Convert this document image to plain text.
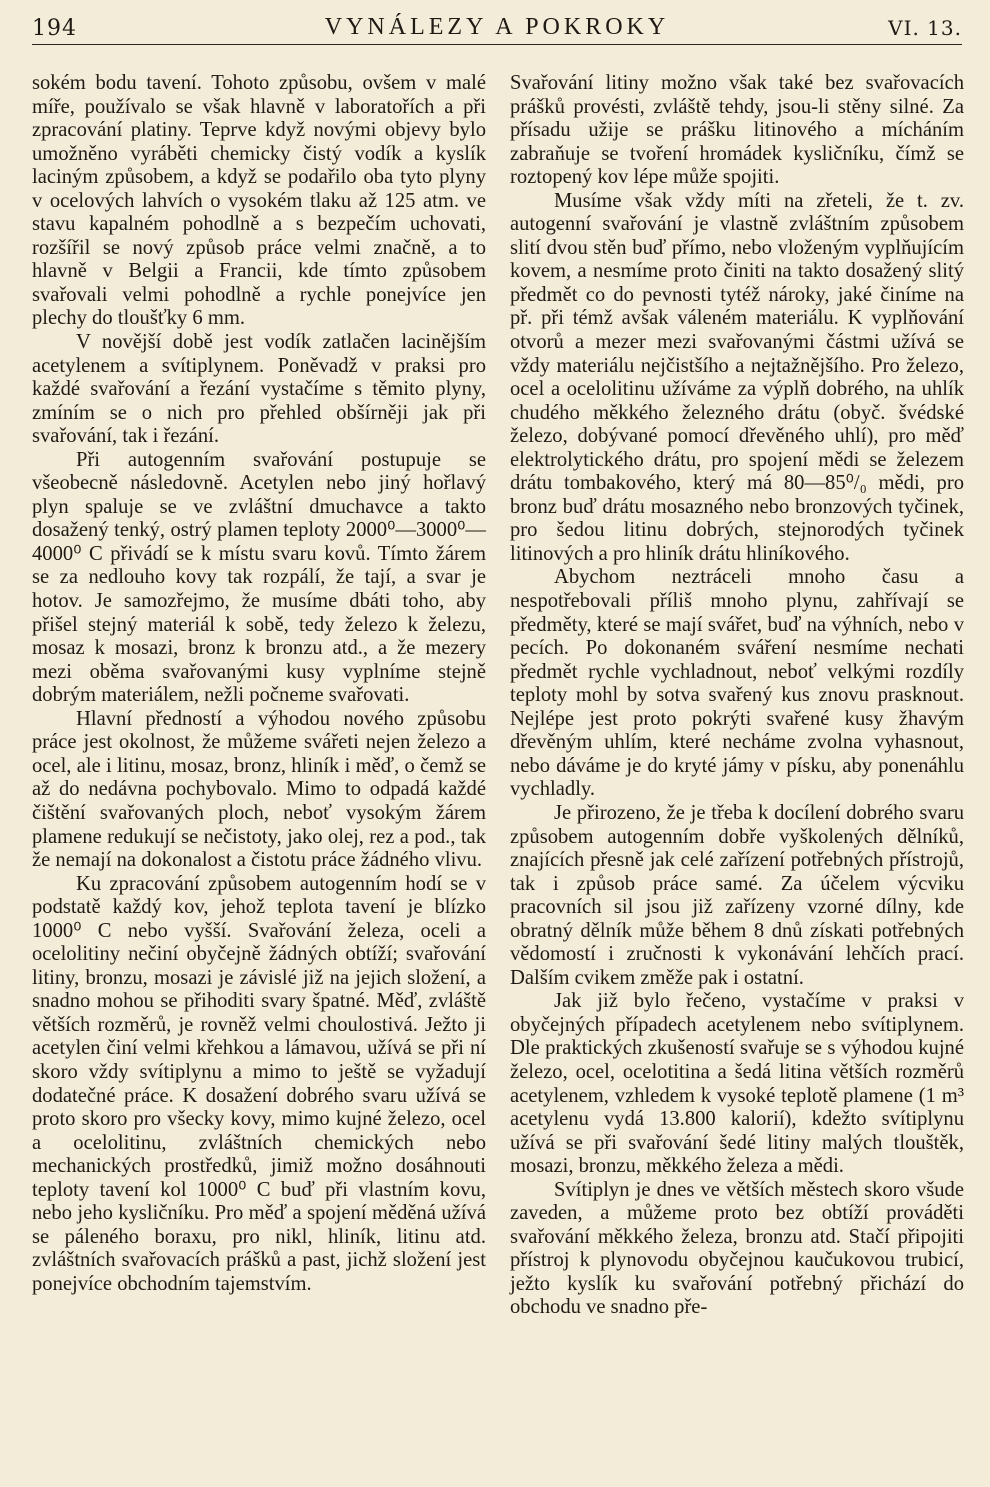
194	VYNÁLEZY A POKROKY	VI. 13.

sokém bodu tavení. Tohoto způsobu, ovšem v malé míře, používalo se však hlavně v laboratořích a při zpracování platiny. Teprve když novými objevy bylo umožněno vyráběti chemicky čistý vodík a kyslík laciným způsobem, a když se podařilo oba tyto plyny v ocelových lahvích o vysokém tlaku až 125 atm. ve stavu kapalném pohodlně a s bezpečím uchovati, rozšířil se nový způsob práce velmi značně, a to hlavně v Belgii a Francii, kde tímto způsobem svařovali velmi pohodlně a rychle ponejvíce jen plechy do tloušťky 6 mm.

V novější době jest vodík zatlačen lacinějším acetylenem a svítiplynem. Poněvadž v praksi pro každé svařování a řezání vystačíme s těmito plyny, zmíním se o nich pro přehled obšírněji jak při svařování, tak i řezání.

Při autogenním svařování postupuje se všeobecně následovně. Acetylen nebo jiný hořlavý plyn spaluje se ve zvláštní dmuchavce a takto dosažený tenký, ostrý plamen teploty 2000⁰—3000⁰—4000⁰ C přivádí se k místu svaru kovů. Tímto žárem se za nedlouho kovy tak rozpálí, že tají, a svar je hotov. Je samozřejmo, že musíme dbáti toho, aby přišel stejný materiál k sobě, tedy železo k železu, mosaz k mosazi, bronz k bronzu atd., a že mezery mezi oběma svařovanými kusy vyplníme stejně dobrým materiálem, nežli počneme svařovati.

Hlavní předností a výhodou nového způsobu práce jest okolnost, že můžeme svářeti nejen železo a ocel, ale i litinu, mosaz, bronz, hliník i měď, o čemž se až do nedávna pochybovalo. Mimo to odpadá každé čištění svařovaných ploch, neboť vysokým žárem plamene redukují se nečistoty, jako olej, rez a pod., tak že nemají na dokonalost a čistotu práce žádného vlivu.

Ku zpracování způsobem autogenním hodí se v podstatě každý kov, jehož teplota tavení je blízko 1000⁰ C nebo vyšší. Svařování železa, oceli a ocelolitiny nečiní obyčejně žádných obtíží; svařování litiny, bronzu, mosazi je závislé již na jejich složení, a snadno mohou se přihoditi svary špatné. Měď, zvláště větších rozměrů, je rovněž velmi choulostivá. Ježto ji acetylen činí velmi křehkou a lámavou, užívá se při ní skoro vždy svítiplynu a mimo to ještě se vyžadují dodatečné práce. K dosažení dobrého svaru užívá se proto skoro pro všecky kovy, mimo kujné železo, ocel a ocelolitinu, zvláštních chemických nebo mechanických prostředků, jimiž možno dosáhnouti teploty tavení kol 1000⁰ C buď při vlastním kovu, nebo jeho kysličníku. Pro měď a spojení měděná užívá se páleného boraxu, pro nikl, hliník, litinu atd. zvláštních svařovacích prášků a past, jichž složení jest ponejvíce obchodním tajemstvím.

Svařování litiny možno však také bez svařovacích prášků provésti, zvláště tehdy, jsou-li stěny silné. Za přísadu užije se prášku litinového a mícháním zabraňuje se tvoření hromádek kysličníku, čímž se roztopený kov lépe může spojiti.

Musíme však vždy míti na zřeteli, že t. zv. autogenní svařování je vlastně zvláštním způsobem slití dvou stěn buď přímo, nebo vloženým vyplňujícím kovem, a nesmíme proto činiti na takto dosažený slitý předmět co do pevnosti tytéž nároky, jaké činíme na př. při témž avšak váleném materiálu. K vyplňování otvorů a mezer mezi svařovanými částmi užívá se vždy materiálu nejčistšího a nejtažnějšího. Pro železo, ocel a ocelolitinu užíváme za výplň dobrého, na uhlík chudého měkkého železného drátu (obyč. švédské železo, dobývané pomocí dřevěného uhlí), pro měď elektrolytického drátu, pro spojení mědi se železem drátu tombakového, který má 80—85⁰/₀ mědi, pro bronz buď drátu mosazného nebo bronzových tyčinek, pro šedou litinu dobrých, stejnorodých tyčinek litinových a pro hliník drátu hliníkového.

Abychom neztráceli mnoho času a nespotřebovali příliš mnoho plynu, zahřívají se předměty, které se mají svářet, buď na výhních, nebo v pecích. Po dokonaném sváření nesmíme nechati předmět rychle vychladnout, neboť velkými rozdíly teploty mohl by sotva svařený kus znovu prasknout. Nejlépe jest proto pokrýti svařené kusy žhavým dřevěným uhlím, které necháme zvolna vyhasnout, nebo dáváme je do kryté jámy v písku, aby ponenáhlu vychladly.

Je přirozeno, že je třeba k docílení dobrého svaru způsobem autogenním dobře vyškolených dělníků, znajících přesně jak celé zařízení potřebných přístrojů, tak i způsob práce samé. Za účelem výcviku pracovních sil jsou již zařízeny vzorné dílny, kde obratný dělník může během 8 dnů získati potřebných vědomostí i zručnosti k vykonávání lehčích prací. Dalším cvikem změže pak i ostatní.

Jak již bylo řečeno, vystačíme v praksi v obyčejných případech acetylenem nebo svítiplynem. Dle praktických zkušeností svařuje se s výhodou kujné železo, ocel, ocelotitina a šedá litina větších rozměrů acetylenem, vzhledem k vysoké teplotě plamene (1 m³ acetylenu vydá 13.800 kalorií), kdežto svítiplynu užívá se při svařování šedé litiny malých tlouštěk, mosazi, bronzu, měkkého železa a mědi.

Svítiplyn je dnes ve větších městech skoro všude zaveden, a můžeme proto bez obtíží prováděti svařování měkkého železa, bronzu atd. Stačí připojiti přístroj k plynovodu obyčejnou kaučukovou trubicí, ježto kyslík ku svařování potřebný přichází do obchodu ve snadno pře-
